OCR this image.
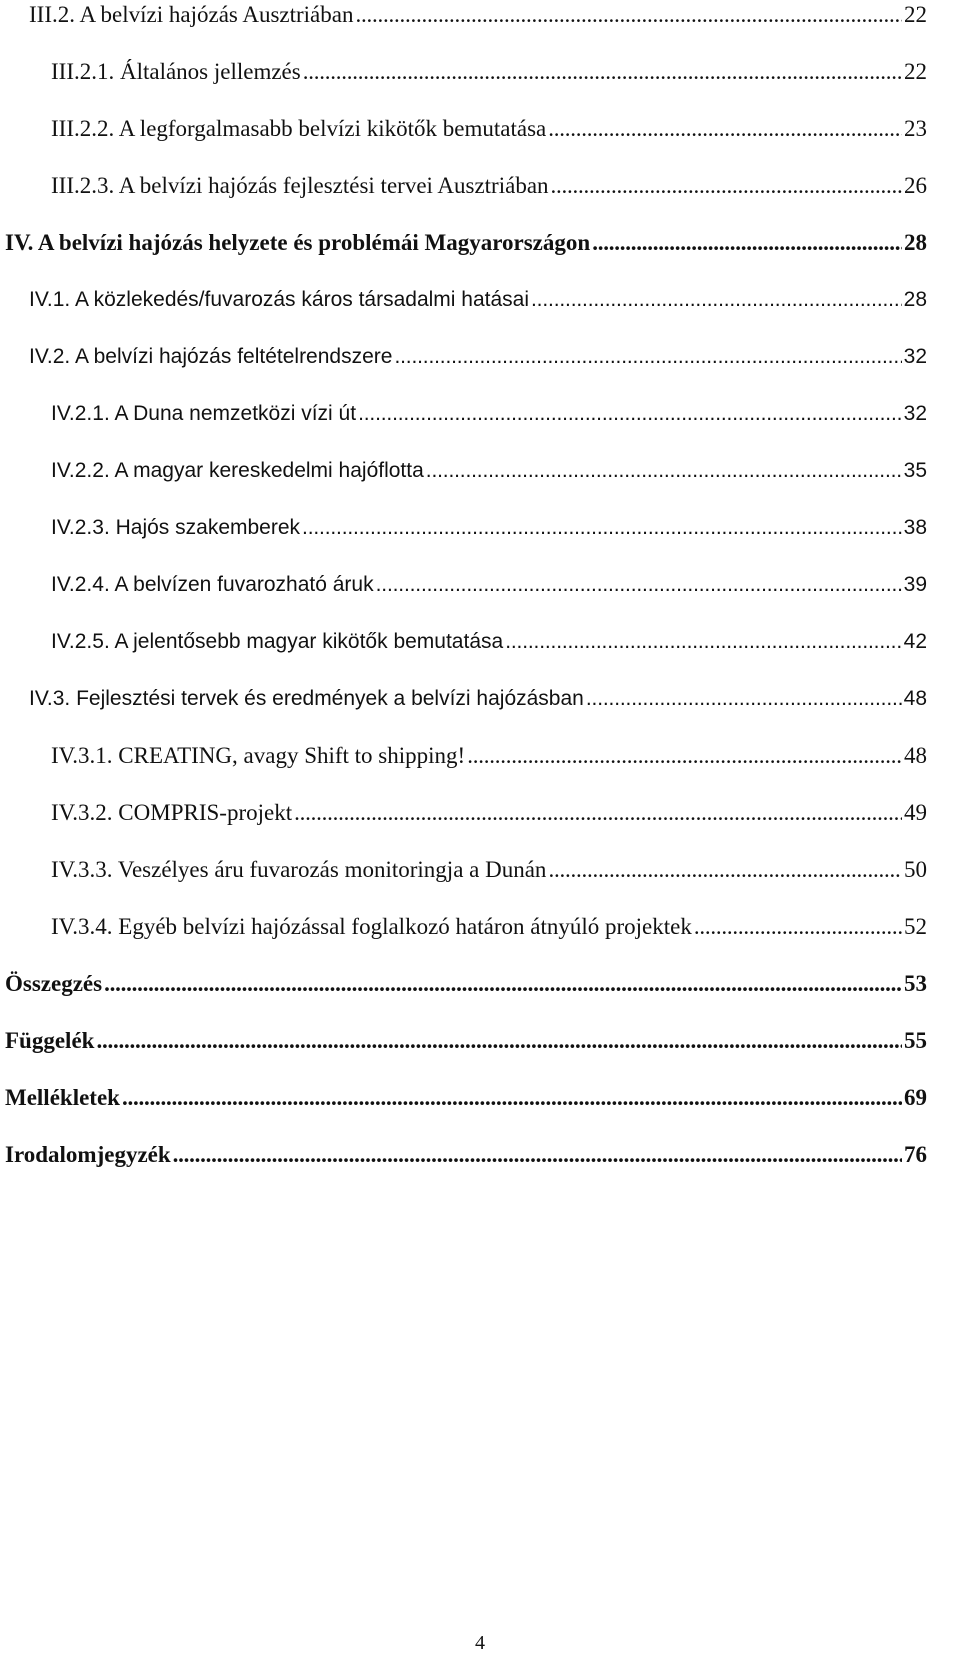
III.2. A belvízi hajózás Ausztriában . . .	22
III.2.1. Általános jellemzés . . .	22
III.2.2. A legforgalmasabb belvízi kikötők bemutatása . . .	23
III.2.3. A belvízi hajózás fejlesztési tervei Ausztriában . . .	26
IV. A belvízi hajózás helyzete és problémái Magyarországon . . .	28
IV.1. A közlekedés/fuvarozás káros társadalmi hatásai . . .	28
IV.2. A belvízi hajózás feltételrendszere . . .	32
IV.2.1. A Duna nemzetközi vízi út . . .	32
IV.2.2. A magyar kereskedelmi hajóflotta . . .	35
IV.2.3. Hajós szakemberek . . .	38
IV.2.4. A belvízen fuvarozható áruk . . .	39
IV.2.5. A jelentősebb magyar kikötők bemutatása . . .	42
IV.3. Fejlesztési tervek és eredmények a belvízi hajózásban . . .	48
IV.3.1. CREATING, avagy Shift to shipping! . . .	48
IV.3.2. COMPRIS-projekt . . .	49
IV.3.3. Veszélyes áru fuvarozás monitoringja a Dunán . . .	50
IV.3.4. Egyéb belvízi hajózással foglalkozó határon átnyúló projektek . . .	52
Összegzés . . .	53
Függelék . . .	55
Mellékletek . . .	69
Irodalomjegyzék . . .	76
4
